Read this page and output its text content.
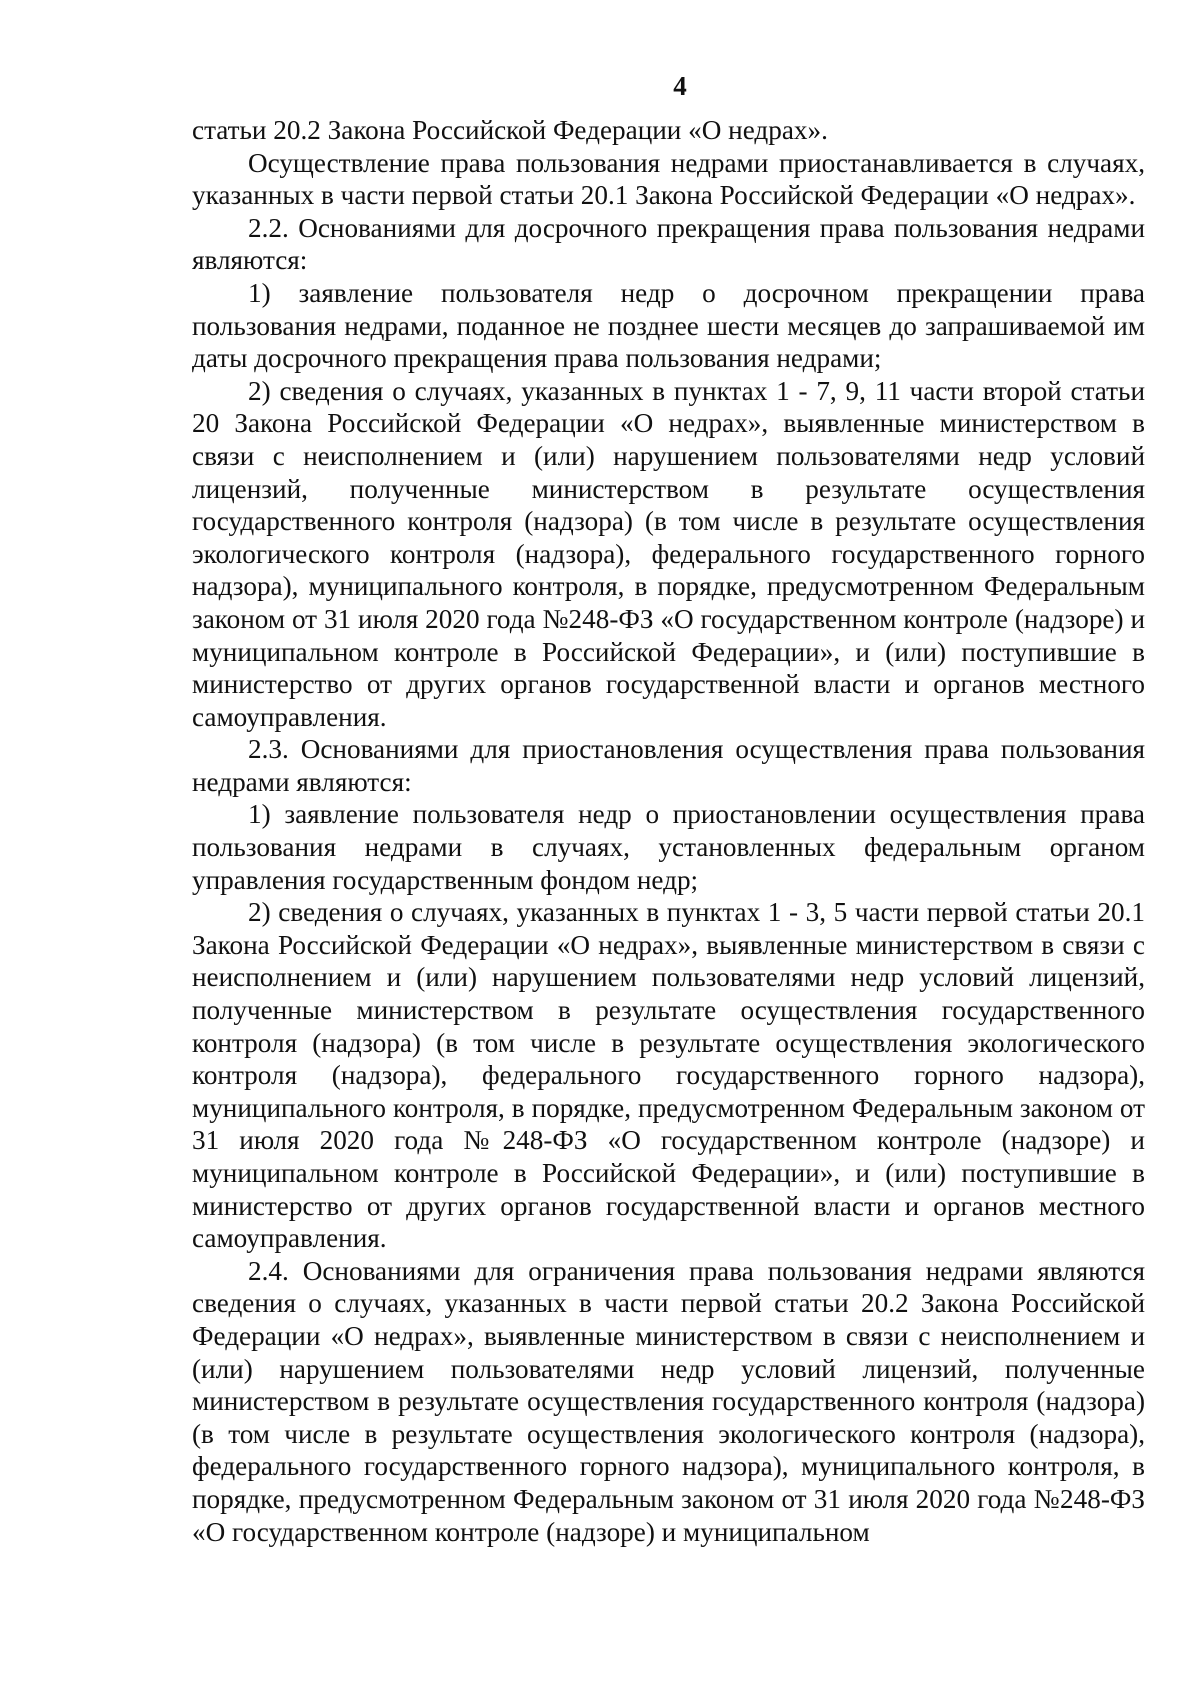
4

статьи 20.2 Закона Российской Федерации «О недрах».

Осуществление права пользования недрами приостанавливается в случаях, указанных в части первой статьи 20.1 Закона Российской Федерации «О недрах».

2.2. Основаниями для досрочного прекращения права пользования недрами являются:

1) заявление пользователя недр о досрочном прекращении права пользования недрами, поданное не позднее шести месяцев до запрашиваемой им даты досрочного прекращения права пользования недрами;

2) сведения о случаях, указанных в пунктах 1 - 7, 9, 11 части второй статьи 20 Закона Российской Федерации «О недрах», выявленные министерством в связи с неисполнением и (или) нарушением пользователями недр условий лицензий, полученные министерством в результате осуществления государственного контроля (надзора) (в том числе в результате осуществления экологического контроля (надзора), федерального государственного горного надзора), муниципального контроля, в порядке, предусмотренном Федеральным законом от 31 июля 2020 года №248-ФЗ «О государственном контроле (надзоре) и муниципальном контроле в Российской Федерации», и (или) поступившие в министерство от других органов государственной власти и органов местного самоуправления.

2.3. Основаниями для приостановления осуществления права пользования недрами являются:

1) заявление пользователя недр о приостановлении осуществления права пользования недрами в случаях, установленных федеральным органом управления государственным фондом недр;

2) сведения о случаях, указанных в пунктах 1 - 3, 5 части первой статьи 20.1 Закона Российской Федерации «О недрах», выявленные министерством в связи с неисполнением и (или) нарушением пользователями недр условий лицензий, полученные министерством в результате осуществления государственного контроля (надзора) (в том числе в результате осуществления экологического контроля (надзора), федерального государственного горного надзора), муниципального контроля, в порядке, предусмотренном Федеральным законом от 31 июля 2020 года №248-ФЗ «О государственном контроле (надзоре) и муниципальном контроле в Российской Федерации», и (или) поступившие в министерство от других органов государственной власти и органов местного самоуправления.

2.4. Основаниями для ограничения права пользования недрами являются сведения о случаях, указанных в части первой статьи 20.2 Закона Российской Федерации «О недрах», выявленные министерством в связи с неисполнением и (или) нарушением пользователями недр условий лицензий, полученные министерством в результате осуществления государственного контроля (надзора) (в том числе в результате осуществления экологического контроля (надзора), федерального государственного горного надзора), муниципального контроля, в порядке, предусмотренном Федеральным законом от 31 июля 2020 года №248-ФЗ «О государственном контроле (надзоре) и муниципальном
